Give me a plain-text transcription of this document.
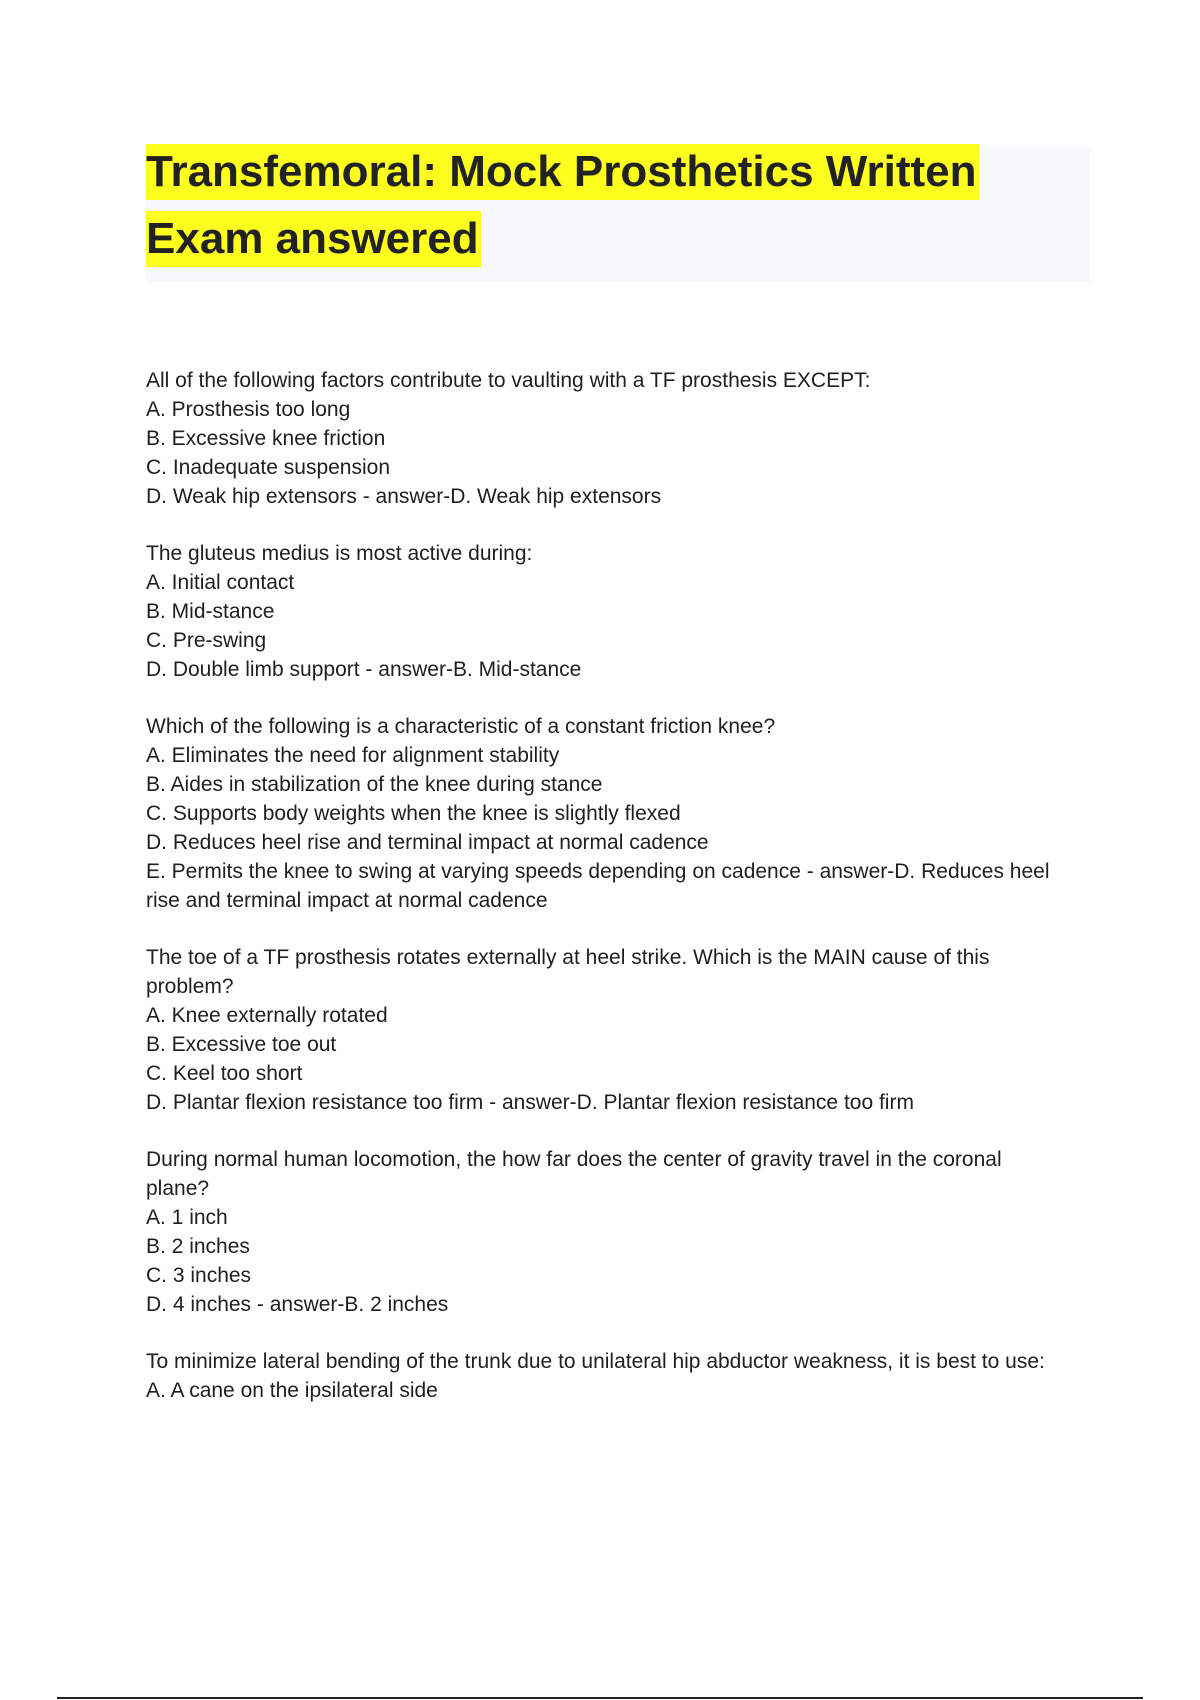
Transfemoral: Mock Prosthetics Written
Exam answered
All of the following factors contribute to vaulting with a TF prosthesis EXCEPT:
A. Prosthesis too long
B. Excessive knee friction
C. Inadequate suspension
D. Weak hip extensors - answer-D. Weak hip extensors
The gluteus medius is most active during:
A. Initial contact
B. Mid-stance
C. Pre-swing
D. Double limb support - answer-B. Mid-stance
Which of the following is a characteristic of a constant friction knee?
A. Eliminates the need for alignment stability
B. Aides in stabilization of the knee during stance
C. Supports body weights when the knee is slightly flexed
D. Reduces heel rise and terminal impact at normal cadence
E. Permits the knee to swing at varying speeds depending on cadence - answer-D. Reduces heel rise and terminal impact at normal cadence
The toe of a TF prosthesis rotates externally at heel strike. Which is the MAIN cause of this problem?
A. Knee externally rotated
B. Excessive toe out
C. Keel too short
D. Plantar flexion resistance too firm - answer-D. Plantar flexion resistance too firm
During normal human locomotion, the how far does the center of gravity travel in the coronal plane?
A. 1 inch
B. 2 inches
C. 3 inches
D. 4 inches - answer-B. 2 inches
To minimize lateral bending of the trunk due to unilateral hip abductor weakness, it is best to use:
A. A cane on the ipsilateral side
